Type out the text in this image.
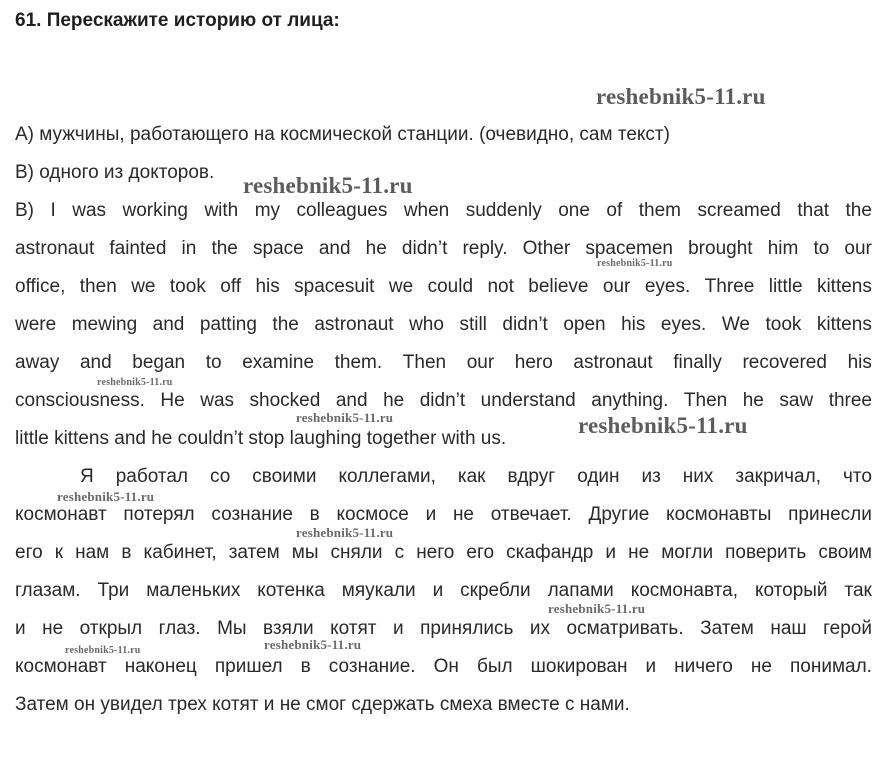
61. Перескажите историю от лица:
А) мужчины, работающего на космической станции. (очевидно, сам текст)
В) одного из докторов.
В) I was working with my colleagues when suddenly one of them screamed that the
astronaut fainted in the space and he didn’t reply. Other spacemen brought him to our
office, then we took off his spacesuit we could not believe our eyes. Three little kittens
were mewing and patting the astronaut who still didn’t open his eyes. We took kittens
away and began to examine them. Then our hero astronaut finally recovered his
consciousness. He was shocked and he didn’t understand anything. Then he saw three
little kittens and he couldn’t stop laughing together with us.
Я работал со своими коллегами, как вдруг один из них закричал, что
космонавт потерял сознание в космосе и не отвечает. Другие космонавты принесли
его к нам в кабинет, затем мы сняли с него его скафандр и не могли поверить своим
глазам. Три маленьких котенка мяукали и скребли лапами космонавта, который так
и не открыл глаз. Мы взяли котят и принялись их осматривать. Затем наш герой
космонавт наконец пришел в сознание. Он был шокирован и ничего не понимал.
Затем он увидел трех котят и не смог сдержать смеха вместе с нами.
reshebnik5-11.ru
reshebnik5-11.ru
reshebnik5-11.ru
reshebnik5-11.ru
reshebnik5-11.ru	reshebnik5-11.ru
reshebnik5-11.ru
reshebnik5-11.ru
reshebnik5-11.ru
reshebnik5-11.ru
reshebnik5-11.ru
